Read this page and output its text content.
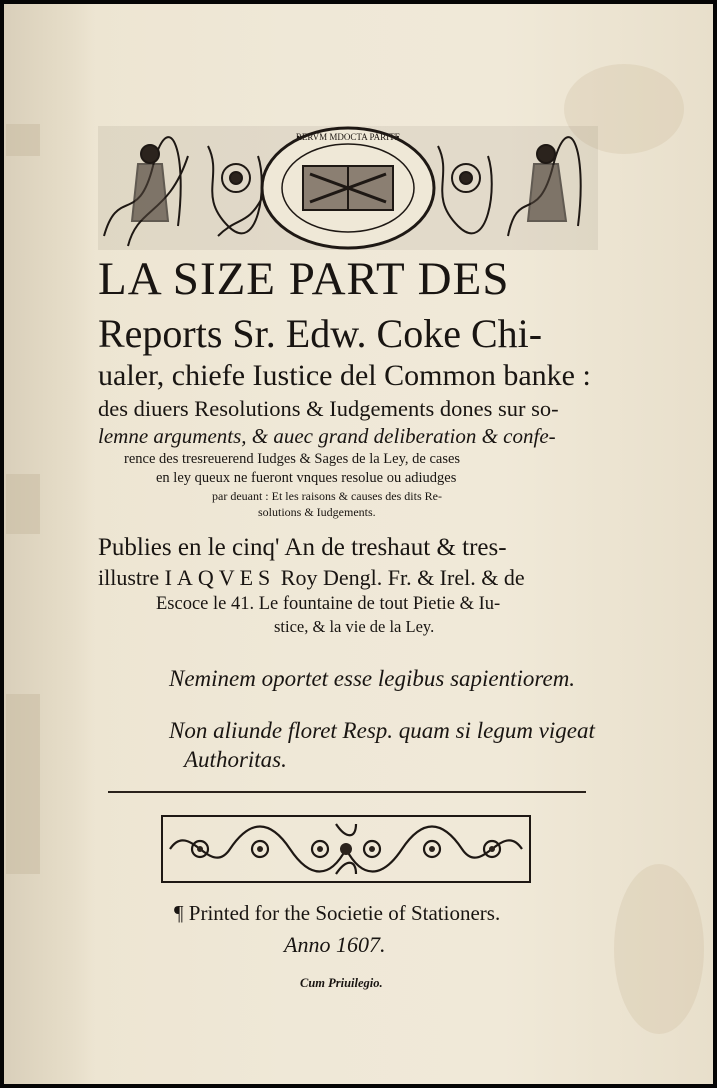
RERVM MDOCTA PARITE
LA SIZE PART DES
Reports Sr. Edw. Coke Chi-
ualer, chiefe Iustice del Common banke :
des diuers Resolutions & Iudgements dones sur so-
lemne arguments, & auec grand deliberation & confe-
rence des tresreuerend Iudges & Sages de la Ley, de cases
en ley queux ne fueront vnques resolue ou adiudges
par deuant : Et les raisons & causes des dits Re-
solutions & Iudgements.
Publies en le cinq' An de treshaut & tres-
illustre IAQVES Roy Dengl. Fr. & Irel. & de
Escoce le 41. Le fountaine de tout Pietie & Iu-
stice, & la vie de la Ley.
Neminem oportet esse legibus sapientiorem.
Non aliunde floret Resp. quam si legum vigeat
Authoritas.
¶ Printed for the Societie of Stationers.
Anno 1607.
Cum Priuilegio.
